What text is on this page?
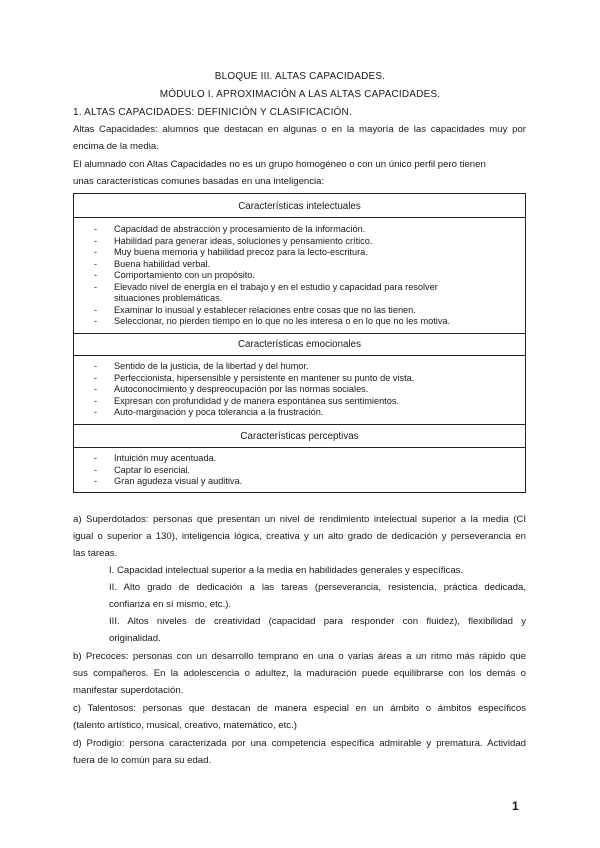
BLOQUE III. ALTAS CAPACIDADES.
MÓDULO I. APROXIMACIÓN A LAS ALTAS CAPACIDADES.
1. ALTAS CAPACIDADES: DEFINICIÓN Y CLASIFICACIÓN.
Altas Capacidades: alumnos que destacan en algunas o en la mayoría de las capacidades muy por
encima de la media.
El alumnado con Altas Capacidades no es un grupo homogéneo o con un único perfil pero tienen
unas características comunes basadas en una inteligencia:
Características intelectuales
- Capacidad de abstracción y procesamiento de la información.
- Habilidad para generar ideas, soluciones y pensamiento crítico.
- Muy buena memoria y habilidad precoz para la lecto-escritura.
- Buena habilidad verbal.
- Comportamiento con un propósito.
- Elevado nivel de energía en el trabajo y en el estudio y capacidad para resolver
situaciones problemáticas.
- Examinar lo inusual y establecer relaciones entre cosas que no las tienen.
- Seleccionar, no pierden tiempo en lo que no les interesa o en lo que no les motiva.
Características emocionales
- Sentido de la justicia, de la libertad y del humor.
- Perfeccionista, hipersensible y persistente en mantener su punto de vista.
- Autoconocimiento y despreocupación por las normas sociales.
- Expresan con profundidad y de manera espontánea sus sentimientos.
- Auto-marginación y poca tolerancia a la frustración.
Características perceptivas
- Intuición muy acentuada.
- Captar lo esencial.
- Gran agudeza visual y auditiva.
a) Superdotados: personas que presentan un nivel de rendimiento intelectual superior a la media (CI
igual o superior a 130), inteligencia lógica, creativa y un alto grado de dedicación y perseverancia en
las tareas.
I. Capacidad intelectual superior a la media en habilidades generales y específicas.
II. Alto grado de dedicación a las tareas (perseverancia, resistencia, práctica dedicada,
confianza en sí mismo, etc.).
III. Altos niveles de creatividad (capacidad para responder con fluidez), flexibilidad y
originalidad.
b) Precoces: personas con un desarrollo temprano en una o varias áreas a un ritmo más rápido que
sus compañeros. En la adolescencia o adultez, la maduración puede equilibrarse con los demás o
manifestar superdotación.
c) Talentosos: personas que destacan de manera especial en un ámbito o ámbitos específicos
(talento artístico, musical, creativo, matemático, etc.)
d) Prodigio: persona caracterizada por una competencia específica admirable y prematura. Actividad
fuera de lo común para su edad.
1
